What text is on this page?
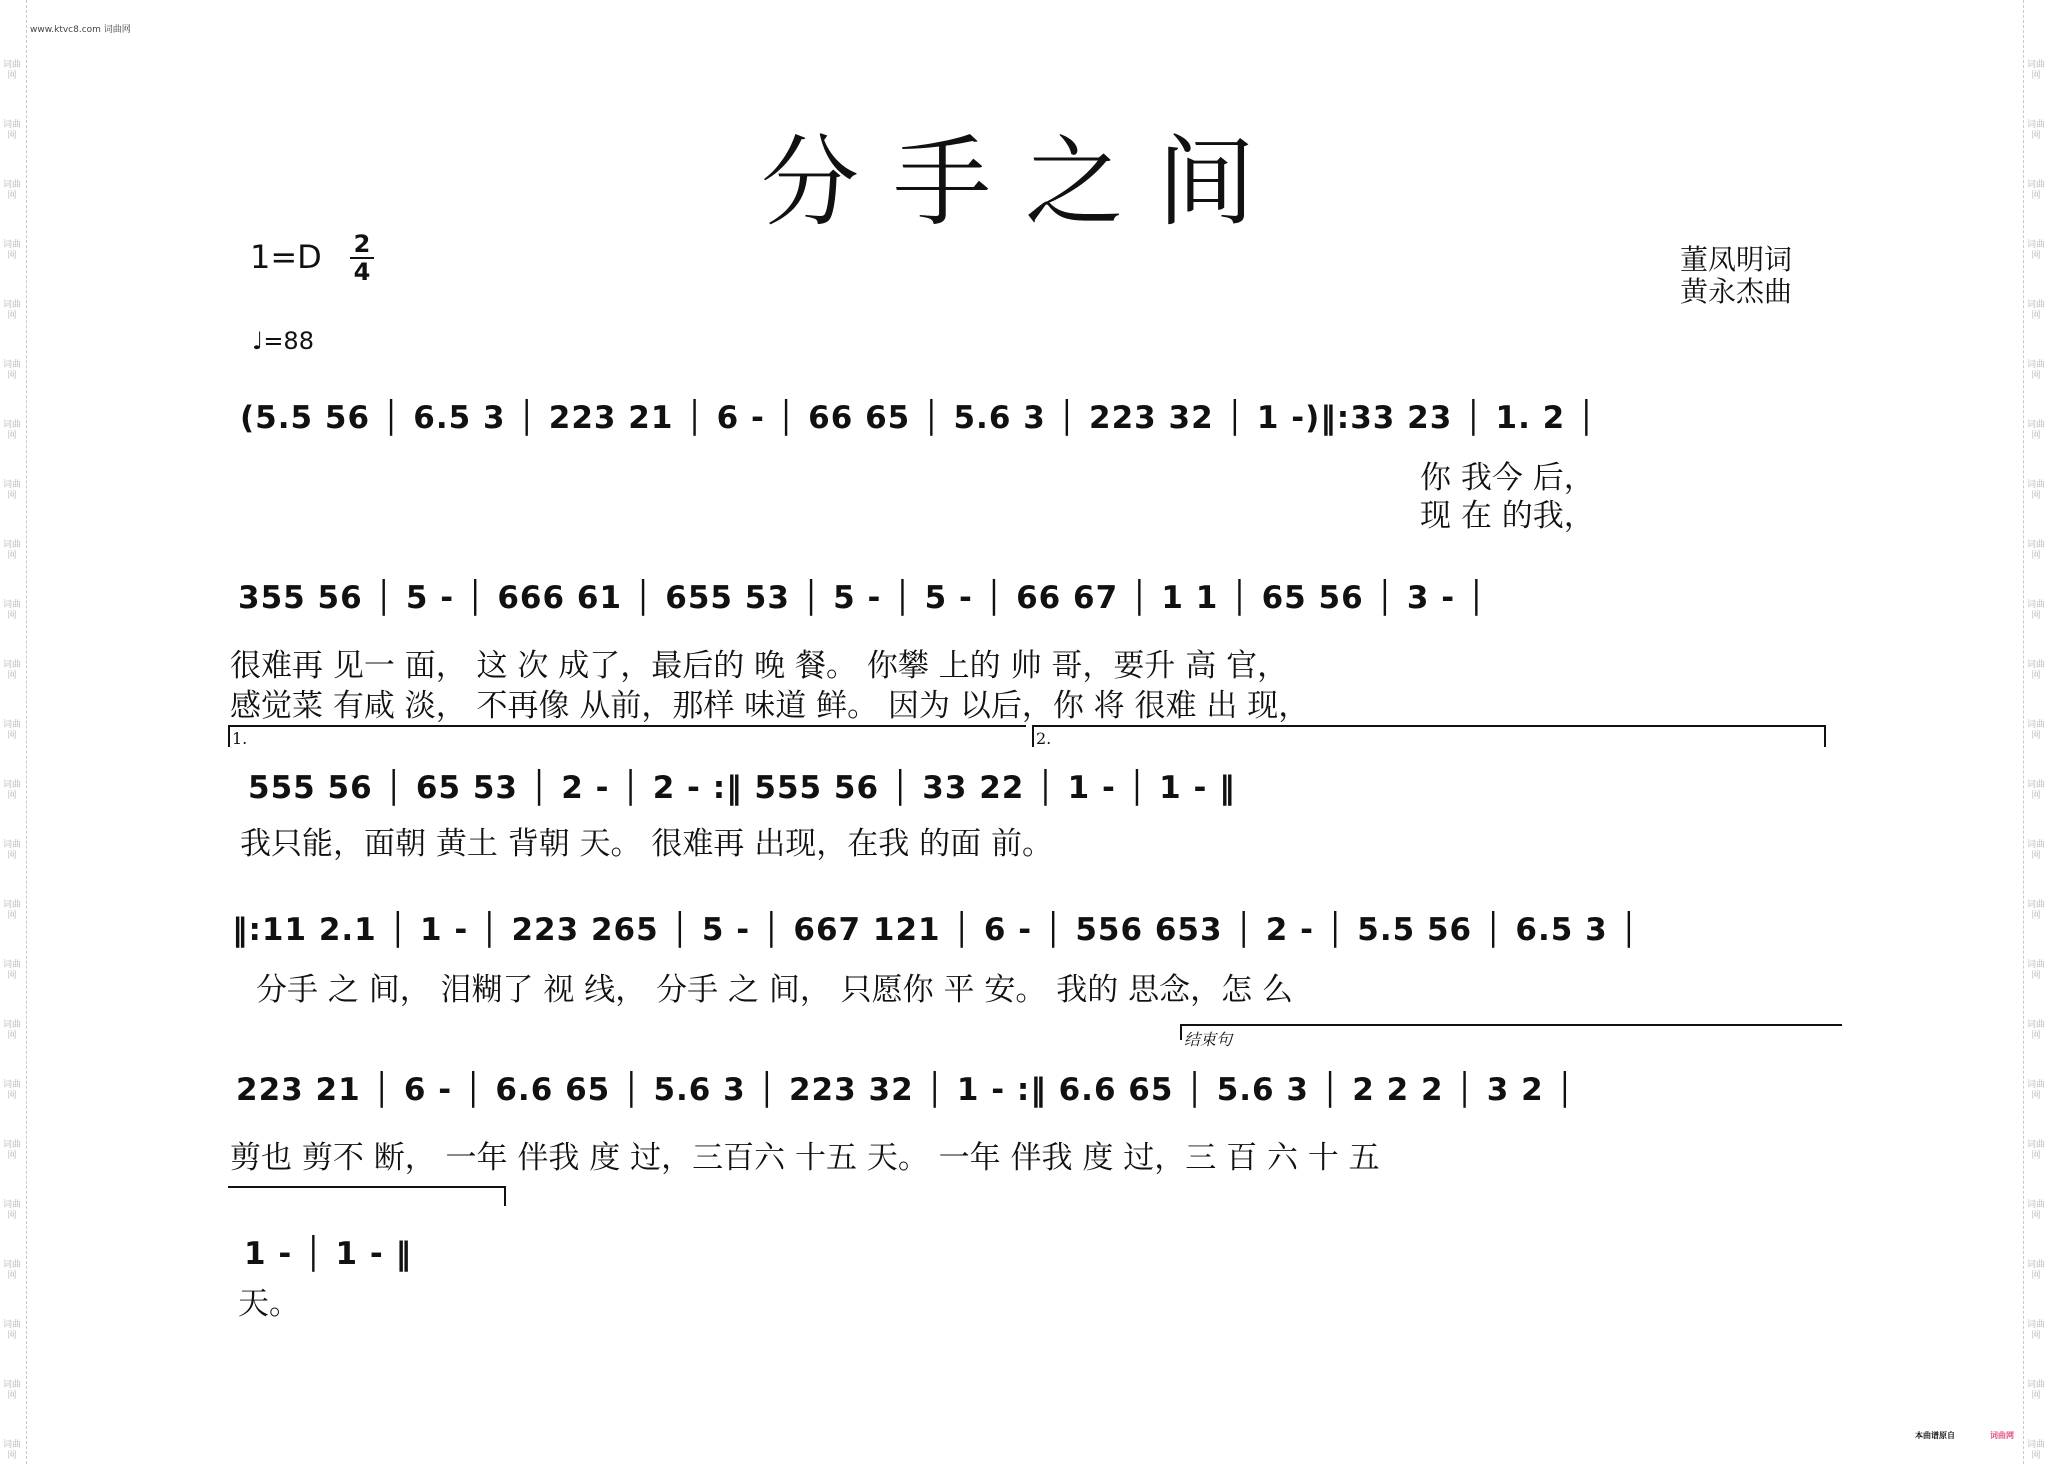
词曲网
词曲网
词曲网
词曲网
词曲网
词曲网
词曲网
词曲网
词曲网
词曲网
词曲网
词曲网
词曲网
词曲网
词曲网
词曲网
词曲网
词曲网
词曲网
词曲网
词曲网
词曲网
词曲网
词曲网
词曲网
词曲网
词曲网
词曲网
词曲网
词曲网
词曲网
词曲网
词曲网
词曲网
词曲网
词曲网
词曲网
词曲网
词曲网
词曲网
词曲网
词曲网
词曲网
词曲网
词曲网
词曲网
词曲网
词曲网
www.ktvc8.com 词曲网
分手之间
1=D 2
4
♩=88
董凤明词
黄永杰曲
(5.5 56 │ 6.5 3 │ 223 21 │ 6 - │ 66 65 │ 5.6 3 │ 223 32 │ 1 -)‖:33 23 │ 1. 2 │
你 我今 后，
现 在 的我，
355 56 │ 5 - │ 666 61 │ 655 53 │ 5 - │ 5 - │ 66 67 │ 1 1 │ 65 56 │ 3 - │
很难再 见一 面， 这 次 成了，最后的 晚 餐。 你攀 上的 帅 哥，要升 高 官，
感觉菜 有咸 淡， 不再像 从前，那样 味道 鲜。 因为 以后，你 将 很难 出 现，
1.	2.
555 56 │ 65 53 │ 2 - │ 2 - :‖ 555 56 │ 33 22 │ 1 - │ 1 - ‖
我只能，面朝 黄土 背朝 天。 很难再 出现，在我 的面 前。
‖:11 2.1 │ 1 - │ 223 265 │ 5 - │ 667 121 │ 6 - │ 556 653 │ 2 - │ 5.5 56 │ 6.5 3 │
分手 之 间， 泪糊了 视 线， 分手 之 间， 只愿你 平 安。 我的 思念，怎 么
结束句
223 21 │ 6 - │ 6.6 65 │ 5.6 3 │ 223 32 │ 1 - :‖ 6.6 65 │ 5.6 3 │ 2 2 2 │ 3 2 │
剪也 剪不 断， 一年 伴我 度 过，三百六 十五 天。 一年 伴我 度 过，三 百 六 十 五
1 - │ 1 - ‖
天。
本曲谱原自	词曲网
